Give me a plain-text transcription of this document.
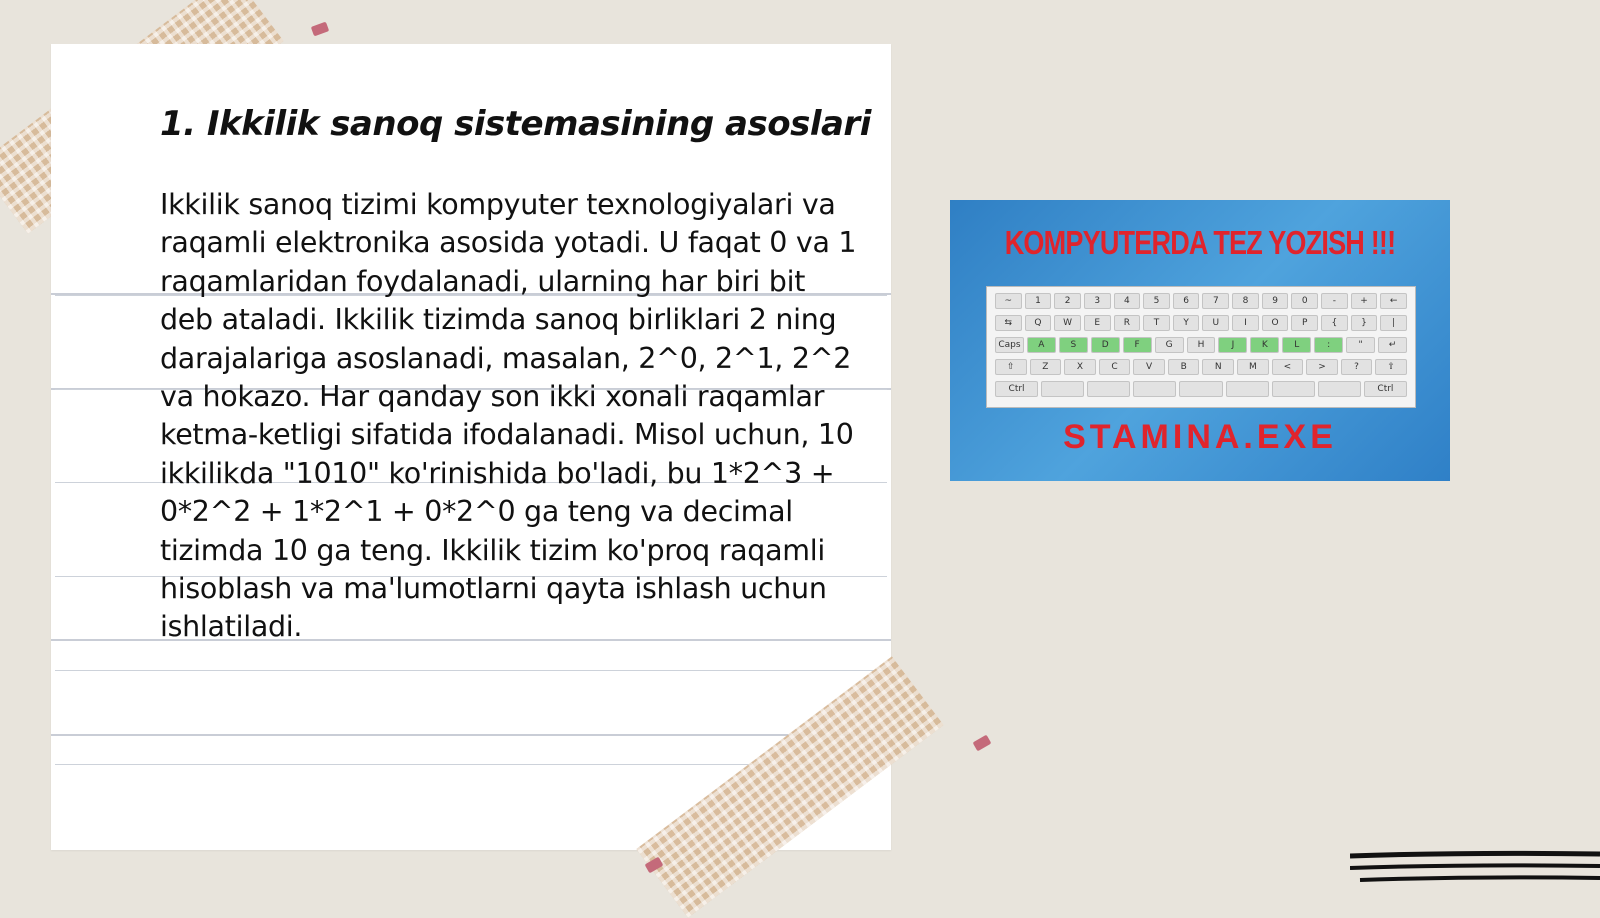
1. Ikkilik sanoq sistemasining asoslari

Ikkilik sanoq tizimi kompyuter texnologiyalari va raqamli elektronika asosida yotadi. U faqat 0 va 1 raqamlaridan foydalanadi, ularning har biri bit deb ataladi. Ikkilik tizimda sanoq birliklari 2 ning darajalariga asoslanadi, masalan, 2^0, 2^1, 2^2 va hokazo. Har qanday son ikki xonali raqamlar ketma-ketligi sifatida ifodalanadi. Misol uchun, 10 ikkilikda "1010" ko'rinishida bo'ladi, bu 1*2^3 + 0*2^2 + 1*2^1 + 0*2^0 ga teng va decimal tizimda 10 ga teng. Ikkilik tizim ko'proq raqamli hisoblash va ma'lumotlarni qayta ishlash uchun ishlatiladi.

KOMPYUTERDA TEZ YOZISH !!!
~	1	2	3	4	5	6	7	8	9	0	-	+	←
⇆	Q	W	E	R	T	Y	U	I	O	P	{	}	|
Caps	A	S	D	F	G	H	J	K	L	:	"	↵
⇧	Z	X	C	V	B	N	M	<	>	?	⇧
Ctrl	Ctrl
STAMINA.EXE
